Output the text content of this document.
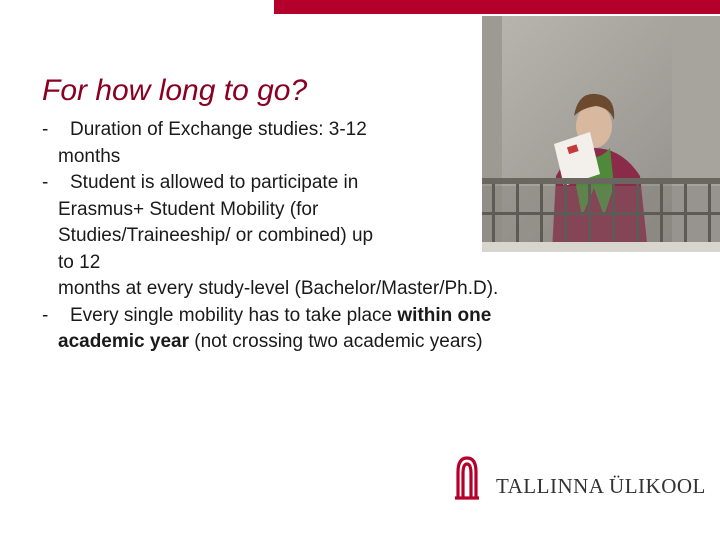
For how long to go?
-	Duration of Exchange studies: 3-12
months
-	Student is allowed to participate in
Erasmus+ Student Mobility (for
Studies/Traineeship/ or combined) up
to 12
months at every study-level (Bachelor/Master/Ph.D).
-	Every single mobility has to take place within one
academic year (not crossing two academic years)
TALLINNA ÜLIKOOL
